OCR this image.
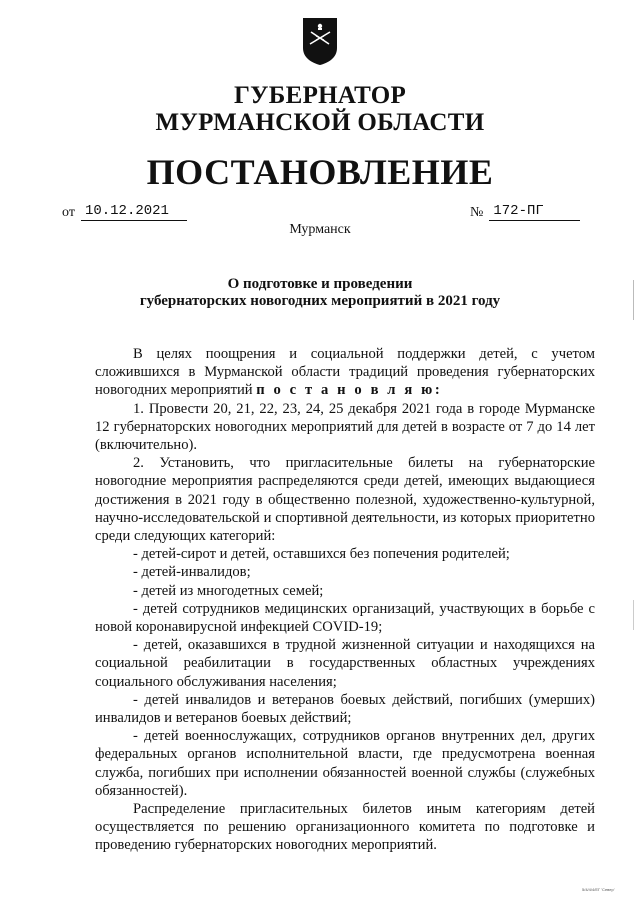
ГУБЕРНАТОР
МУРМАНСКОЙ ОБЛАСТИ
ПОСТАНОВЛЕНИЕ
от 10.12.2021	№ 172-ПГ
Мурманск
О подготовке и проведении
губернаторских новогодних мероприятий в 2021 году

В целях поощрения и социальной поддержки детей, с учетом сложившихся в Мурманской области традиций проведения губернаторских новогодних мероприятий п о с т а н о в л я ю:

1. Провести 20, 21, 22, 23, 24, 25 декабря 2021 года в городе Мурманске 12 губернаторских новогодних мероприятий для детей в возрасте от 7 до 14 лет (включительно).

2. Установить, что пригласительные билеты на губернаторские новогодние мероприятия распределяются среди детей, имеющих выдающиеся достижения в 2021 году в общественно полезной, художественно-культурной, научно-исследовательской и спортивной деятельности, из которых приоритетно среди следующих категорий:

- детей-сирот и детей, оставшихся без попечения родителей;

- детей-инвалидов;

- детей из многодетных семей;

- детей сотрудников медицинских организаций, участвующих в борьбе с новой коронавирусной инфекцией COVID-19;

- детей, оказавшихся в трудной жизненной ситуации и находящихся на социальной реабилитации в государственных областных учреждениях социального обслуживания населения;

- детей инвалидов и ветеранов боевых действий, погибших (умерших) инвалидов и ветеранов боевых действий;

- детей военнослужащих, сотрудников органов внутренних дел, других федеральных органов исполнительной власти, где предусмотрена военная служба, погибших при исполнении обязанностей военной службы (служебных обязанностей).

Распределение пригласительных билетов иным категориям детей осуществляется по решению организационного комитета по подготовке и проведению губернаторских новогодних мероприятий.

5/4/4/4/ЕГ 'Север'
